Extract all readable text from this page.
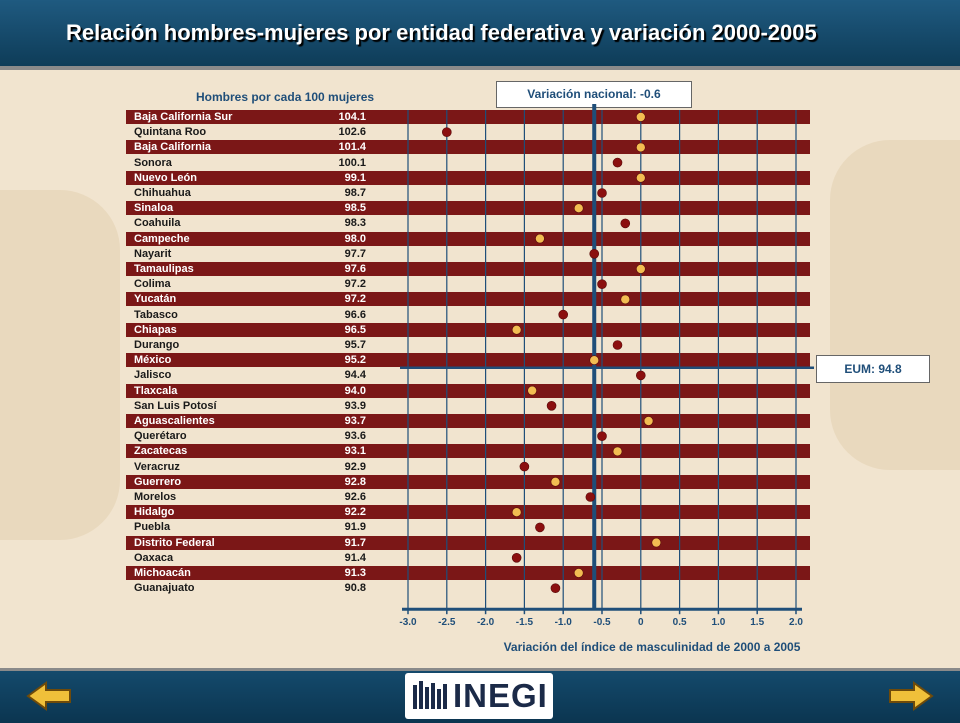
Relación hombres-mujeres por entidad federativa y variación 2000-2005
Hombres por cada 100 mujeres	Variación nacional: -0.6
EUM: 94.8
Baja California Sur	104.1
Quintana Roo	102.6
Baja California	101.4
Sonora	100.1
Nuevo León	99.1
Chihuahua	98.7
Sinaloa	98.5
Coahuila	98.3
Campeche	98.0
Nayarit	97.7
Tamaulipas	97.6
Colima	97.2
Yucatán	97.2
Tabasco	96.6
Chiapas	96.5
Durango	95.7
México	95.2
Jalisco	94.4
Tlaxcala	94.0
San Luis Potosí	93.9
Aguascalientes	93.7
Querétaro	93.6
Zacatecas	93.1
Veracruz	92.9
Guerrero	92.8
Morelos	92.6
Hidalgo	92.2
Puebla	91.9
Distrito Federal	91.7
Oaxaca	91.4
Michoacán	91.3
Guanajuato	90.8
-3.0 -2.5 -2.0 -1.5 -1.0 -0.5	0	0.5 1.0 1.5 2.0
Variación del índice de masculinidad de 2000 a 2005
INEGI
